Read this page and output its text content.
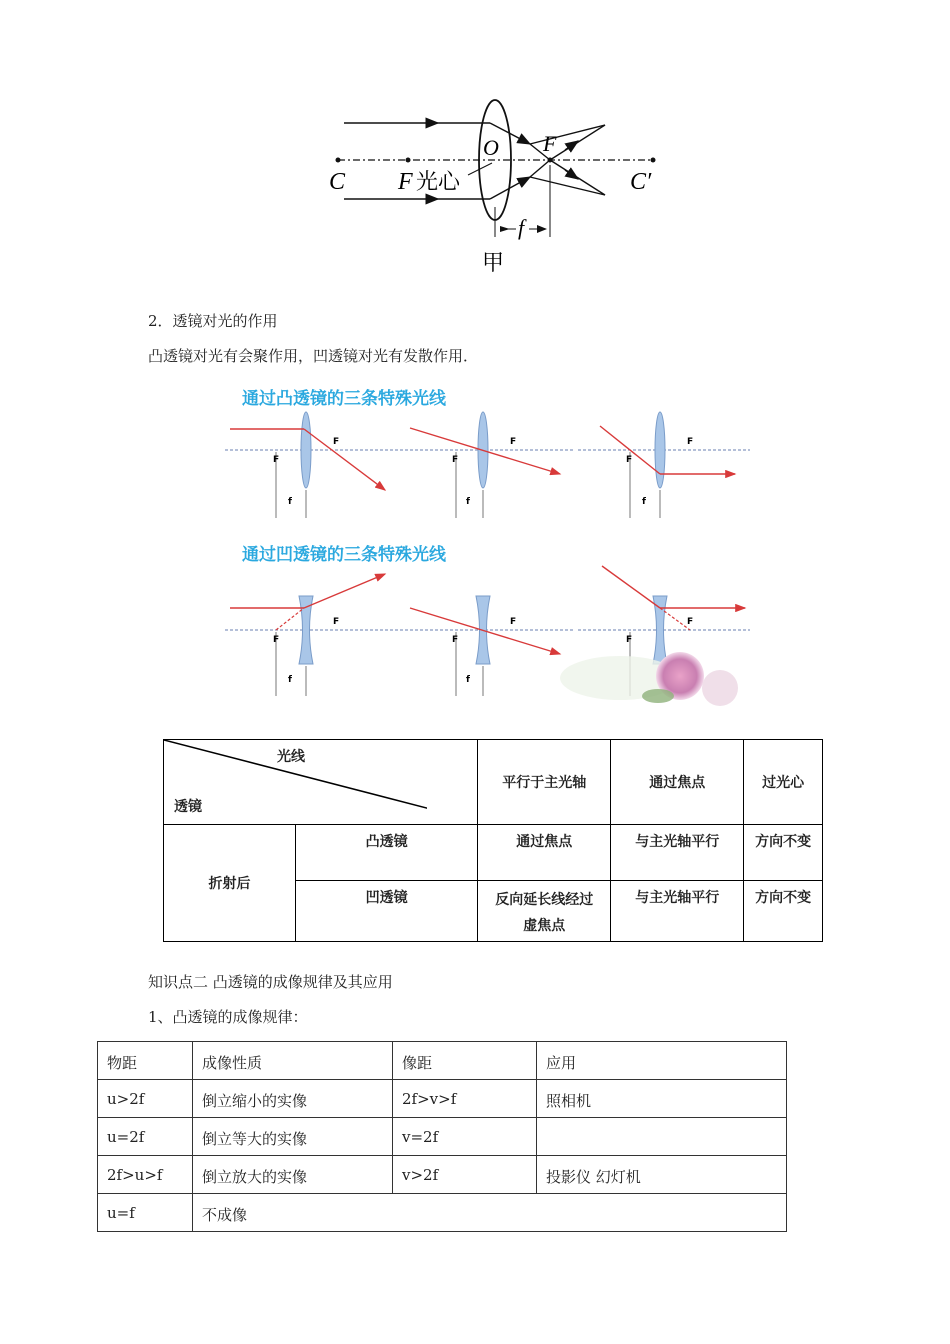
O F
C F 光心	C′
f
甲
2．透镜对光的作用
凸透镜对光有会聚作用，凹透镜对光有发散作用．
通过凸透镜的三条特殊光线
通过凹透镜的三条特殊光线
F
F
f
F
F
f
F
F
f
F
F
f
F
F
f
F
F
光线
透镜		平行于主光轴	通过焦点	过光心
折射后	凸透镜	通过焦点	与主光轴平行	方向不变
	凹透镜	反向延长线经过虚焦点	与主光轴平行	方向不变
知识点二 凸透镜的成像规律及其应用
1、凸透镜的成像规律：
物距	成像性质	像距	应用
u>2f	倒立缩小的实像	2f>v>f	照相机
u=2f	倒立等大的实像	v=2f	
2f>u>f	倒立放大的实像	v>2f	投影仪 幻灯机
u=f	不成像		
